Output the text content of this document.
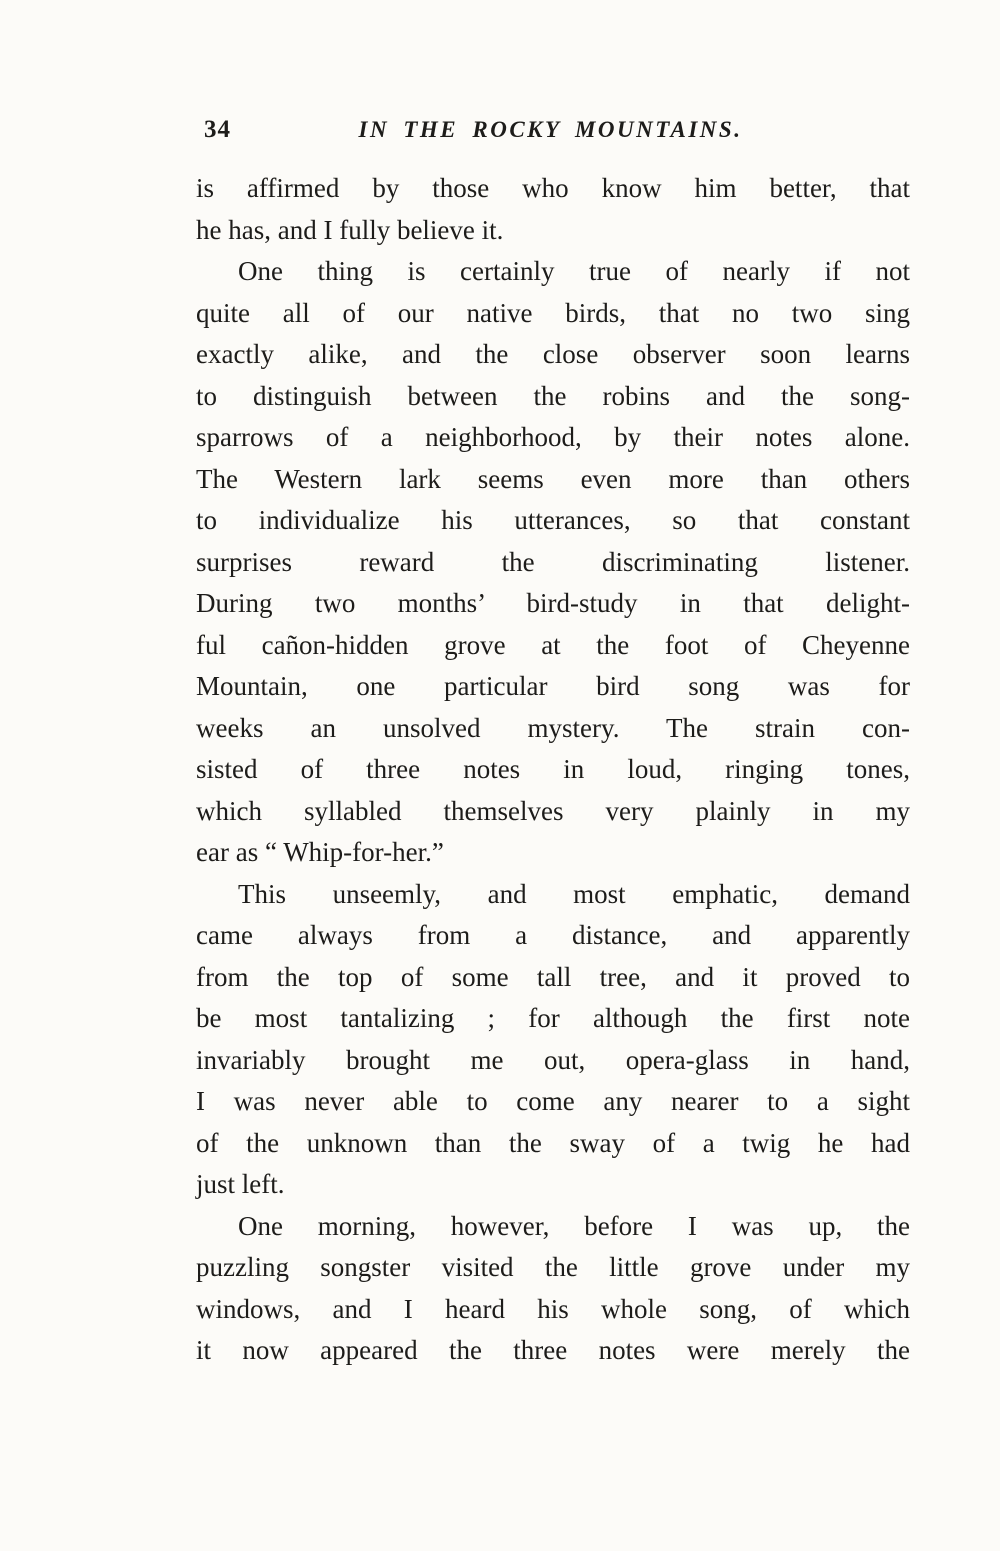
34	IN THE ROCKY MOUNTAINS.
is affirmed by those who know him better, that
he has, and I fully believe it.
One thing is certainly true of nearly if not
quite all of our native birds, that no two sing
exactly alike, and the close observer soon learns
to distinguish between the robins and the song-
sparrows of a neighborhood, by their notes alone.
The Western lark seems even more than others
to individualize his utterances, so that constant
surprises reward the discriminating listener.
During two months’ bird-study in that delight-
ful cañon-hidden grove at the foot of Cheyenne
Mountain, one particular bird song was for
weeks an unsolved mystery. The strain con-
sisted of three notes in loud, ringing tones,
which syllabled themselves very plainly in my
ear as “ Whip-for-her.”
This unseemly, and most emphatic, demand
came always from a distance, and apparently
from the top of some tall tree, and it proved to
be most tantalizing ; for although the first note
invariably brought me out, opera-glass in hand,
I was never able to come any nearer to a sight
of the unknown than the sway of a twig he had
just left.
One morning, however, before I was up, the
puzzling songster visited the little grove under my
windows, and I heard his whole song, of which
it now appeared the three notes were merely the
